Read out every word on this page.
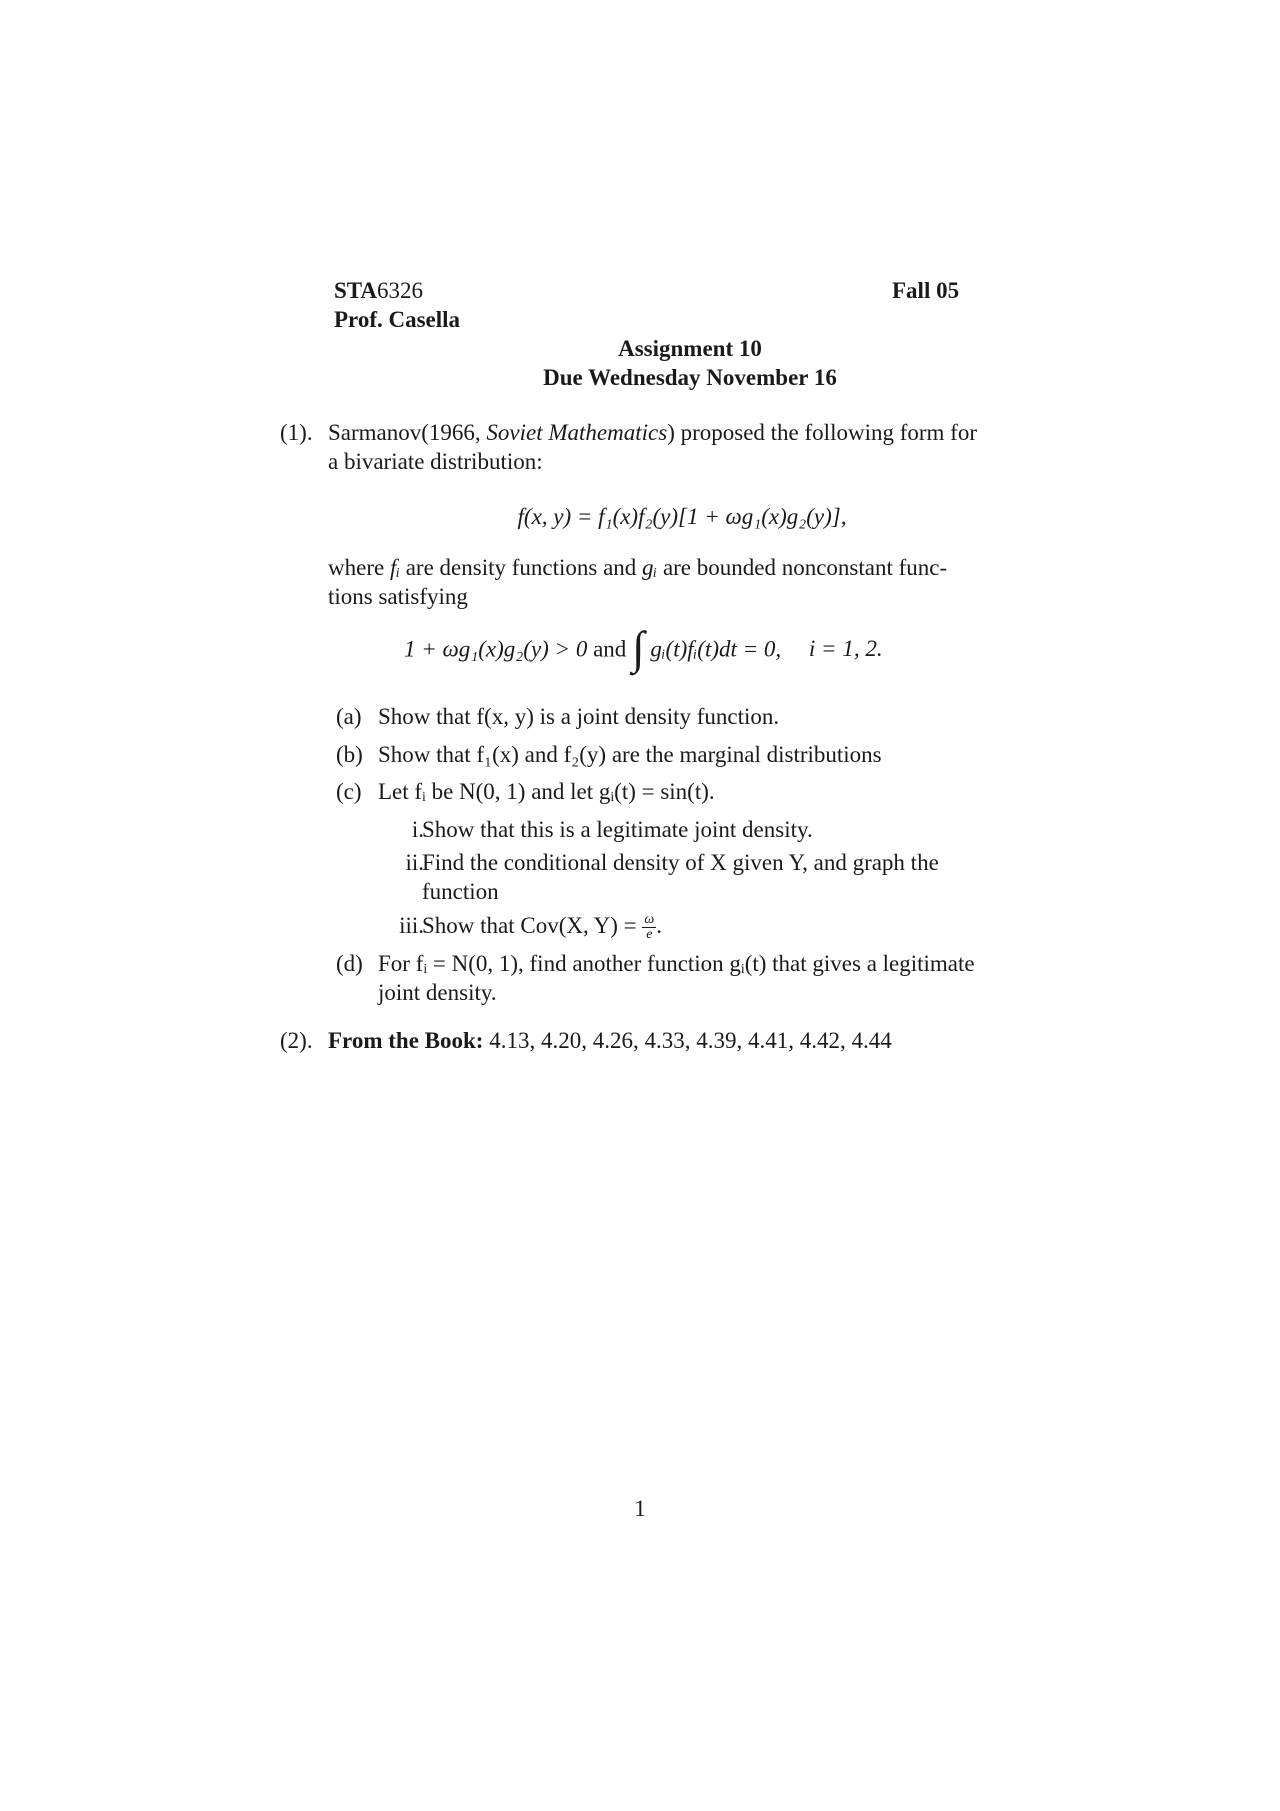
STA6326
Prof. Casella
Fall 05
Assignment 10
Due Wednesday November 16
(1). Sarmanov(1966, Soviet Mathematics) proposed the following form for
a bivariate distribution:
f(x, y) = f₁(x)f₂(y)[1 + ωg₁(x)g₂(y)],
where fᵢ are density functions and gᵢ are bounded nonconstant func-
tions satisfying
1 + ωg₁(x)g₂(y) > 0 and ∫ gᵢ(t)fᵢ(t)dt = 0, i = 1, 2.
(a) Show that f(x, y) is a joint density function.
(b) Show that f₁(x) and f₂(y) are the marginal distributions
(c) Let fᵢ be N(0, 1) and let gᵢ(t) = sin(t).
i.
Show that this is a legitimate joint density.
ii.
Find the conditional density of X given Y, and graph the
function
iii.
Show that Cov(X, $Y) = \frac{\omega}{e}$ .
(d) For fᵢ = N(0, 1), find another function gᵢ(t) that gives a legitimate
joint density.
(2). From the Book: 4.13, 4.20, 4.26, 4.33, 4.39, 4.41, 4.42, 4.44
1
